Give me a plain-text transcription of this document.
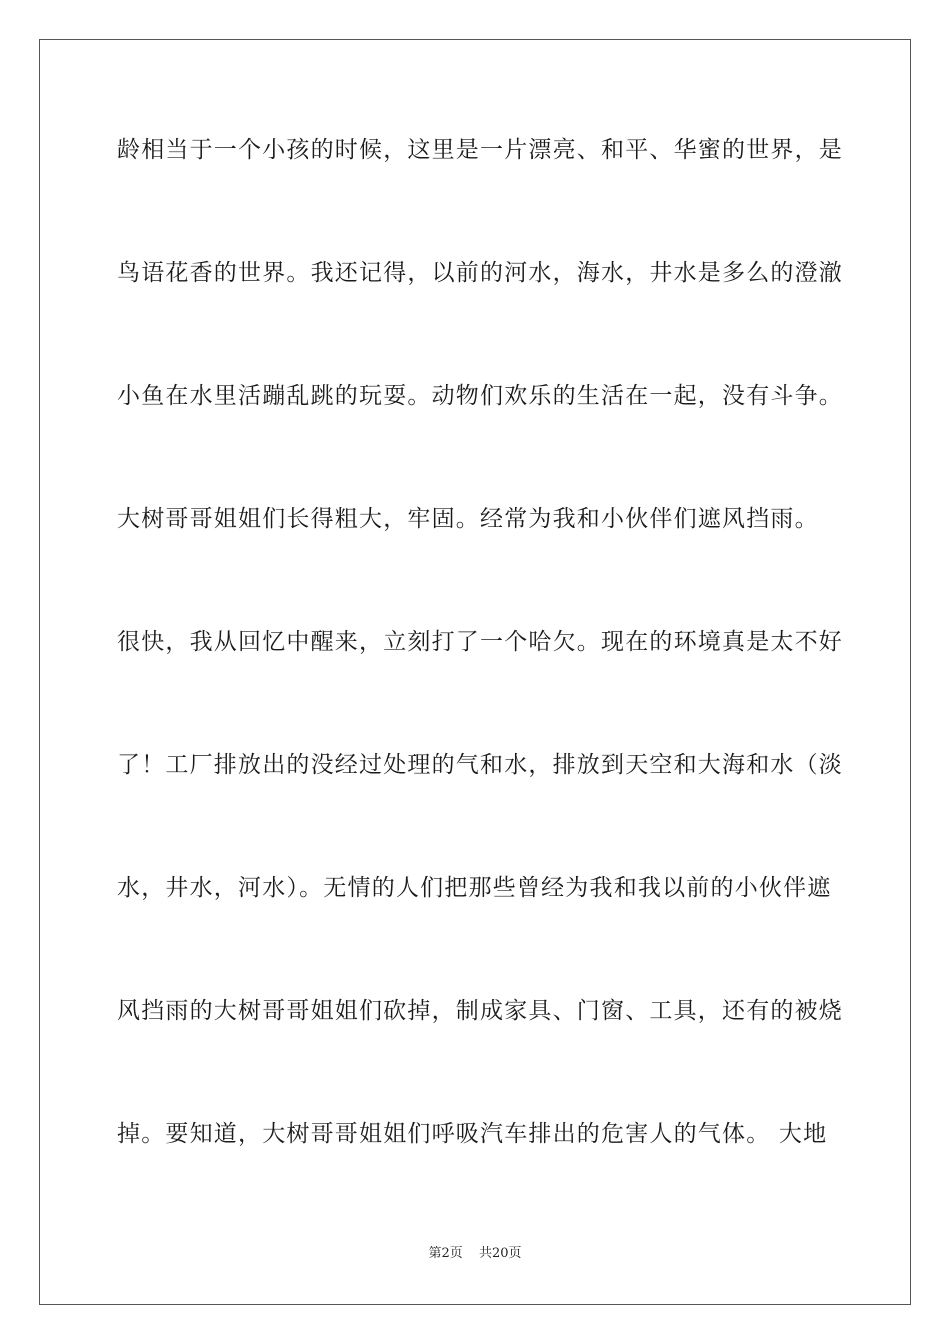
龄相当于一个小孩的时候，这里是一片漂亮、和平、华蜜的世界，是
鸟语花香的世界。我还记得，以前的河水，海水，井水是多么的澄澈
小鱼在水里活蹦乱跳的玩耍。动物们欢乐的生活在一起，没有斗争。
大树哥哥姐姐们长得粗大，牢固。经常为我和小伙伴们遮风挡雨。
很快，我从回忆中醒来，立刻打了一个哈欠。现在的环境真是太不好
了！工厂排放出的没经过处理的气和水，排放到天空和大海和水（淡
水，井水，河水）。无情的人们把那些曾经为我和我以前的小伙伴遮
风挡雨的大树哥哥姐姐们砍掉，制成家具、门窗、工具，还有的被烧
掉。要知道，大树哥哥姐姐们呼吸汽车排出的危害人的气体。 大地
第2页 共20页
